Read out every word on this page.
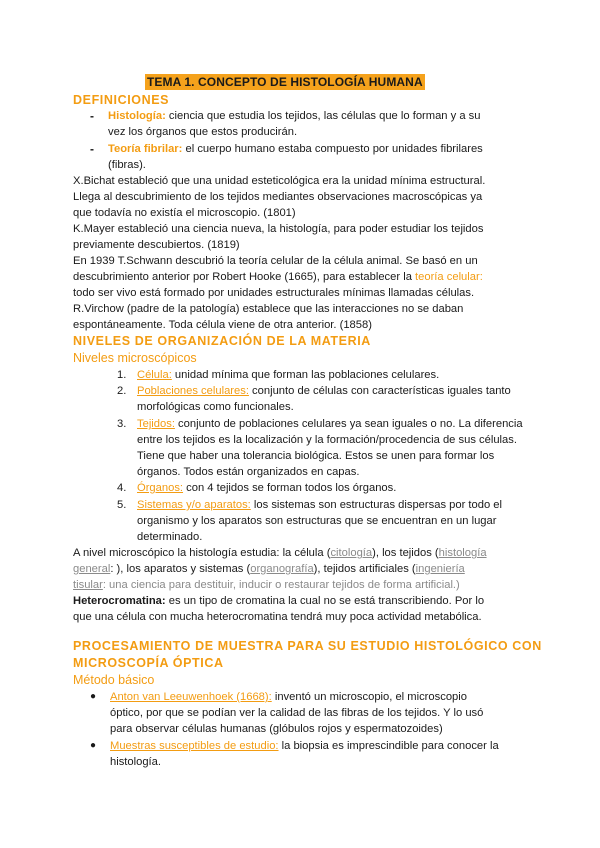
TEMA 1. CONCEPTO DE HISTOLOGÍA HUMANA
DEFINICIONES
- Histología: ciencia que estudia los tejidos, las células que lo forman y a su
vez los órganos que estos producirán.
- Teoría fibrilar: el cuerpo humano estaba compuesto por unidades fibrilares
(fibras).
X.Bichat estableció que una unidad esteticológica era la unidad mínima estructural.
Llega al descubrimiento de los tejidos mediantes observaciones macroscópicas ya
que todavía no existía el microscopio. (1801)
K.Mayer estableció una ciencia nueva, la histología, para poder estudiar los tejidos
previamente descubiertos. (1819)
En 1939 T.Schwann descubrió la teoría celular de la célula animal. Se basó en un
descubrimiento anterior por Robert Hooke (1665), para establecer la teoría celular:
todo ser vivo está formado por unidades estructurales mínimas llamadas células.
R.Virchow (padre de la patología) establece que las interacciones no se daban
espontáneamente. Toda célula viene de otra anterior. (1858)
NIVELES DE ORGANIZACIÓN DE LA MATERIA
Niveles microscópicos
1. Célula: unidad mínima que forman las poblaciones celulares.
2. Poblaciones celulares: conjunto de células con características iguales tanto
morfológicas como funcionales.
3. Tejidos: conjunto de poblaciones celulares ya sean iguales o no. La diferencia
entre los tejidos es la localización y la formación/procedencia de sus células.
Tiene que haber una tolerancia biológica. Estos se unen para formar los
órganos. Todos están organizados en capas.
4. Órganos: con 4 tejidos se forman todos los órganos.
5. Sistemas y/o aparatos: los sistemas son estructuras dispersas por todo el
organismo y los aparatos son estructuras que se encuentran en un lugar
determinado.
A nivel microscópico la histología estudia: la célula (citología), los tejidos (histología
general: ), los aparatos y sistemas (organografía), tejidos artificiales (ingeniería
tisular: una ciencia para destituir, inducir o restaurar tejidos de forma artificial.)
Heterocromatina: es un tipo de cromatina la cual no se está transcribiendo. Por lo
que una célula con mucha heterocromatina tendrá muy poca actividad metabólica.
PROCESAMIENTO DE MUESTRA PARA SU ESTUDIO HISTOLÓGICO CON
MICROSCOPÍA ÓPTICA
Método básico
● Anton van Leeuwenhoek (1668): inventó un microscopio, el microscopio
óptico, por que se podían ver la calidad de las fibras de los tejidos. Y lo usó
para observar células humanas (glóbulos rojos y espermatozoides)
● Muestras susceptibles de estudio: la biopsia es imprescindible para conocer la
histología.
